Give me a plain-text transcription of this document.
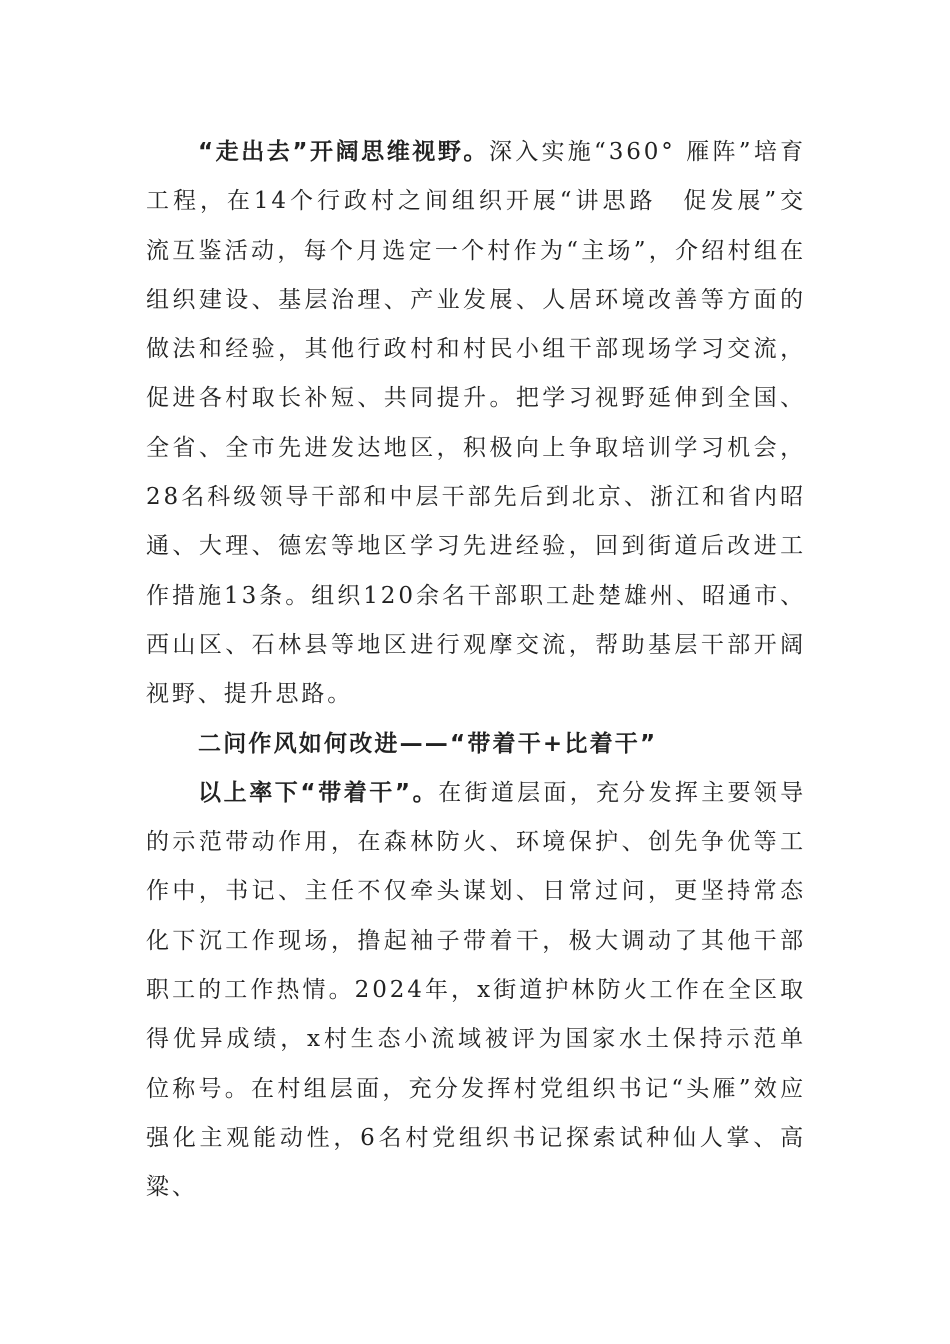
“走出去”开阔思维视野。深入实施“360° 雁阵”培育工程，在14个行政村之间组织开展“讲思路　促发展”交流互鉴活动，每个月选定一个村作为“主场”，介绍村组在组织建设、基层治理、产业发展、人居环境改善等方面的做法和经验，其他行政村和村民小组干部现场学习交流，促进各村取长补短、共同提升。把学习视野延伸到全国、全省、全市先进发达地区，积极向上争取培训学习机会，28名科级领导干部和中层干部先后到北京、浙江和省内昭通、大理、德宏等地区学习先进经验，回到街道后改进工作措施13条。组织120余名干部职工赴楚雄州、昭通市、西山区、石林县等地区进行观摩交流，帮助基层干部开阔视野、提升思路。

二问作风如何改进——“带着干+比着干”

以上率下“带着干”。在街道层面，充分发挥主要领导的示范带动作用，在森林防火、环境保护、创先争优等工作中，书记、主任不仅牵头谋划、日常过问，更坚持常态化下沉工作现场，撸起袖子带着干，极大调动了其他干部职工的工作热情。2024年，x街道护林防火工作在全区取得优异成绩，x村生态小流域被评为国家水土保持示范单位称号。在村组层面，充分发挥村党组织书记“头雁”效应强化主观能动性，6名村党组织书记探索试种仙人掌、高粱、
